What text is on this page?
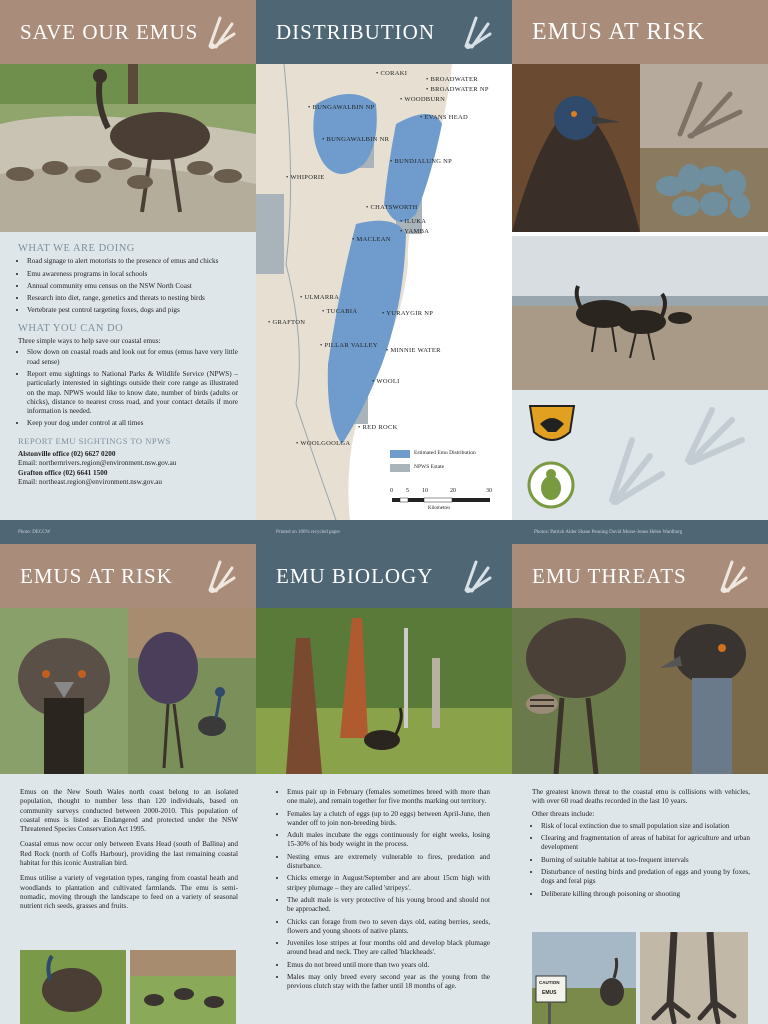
SAVE OUR EMUS	DISTRIBUTION	EMUS AT RISK
WHAT WE ARE DOING
• Road signage to alert motorists to the presence of emus and chicks
• Emu awareness programs in local schools
• Annual community emu census on the NSW North Coast
• Research into diet, range, genetics and threats to nesting birds
• Vertebrate pest control targeting foxes, dogs and pigs
WHAT YOU CAN DO

Three simple ways to help save our coastal emus:

• Slow down on coastal roads and look out for emus (emus have very little road sense)
• Report emu sightings to National Parks & Wildlife Service (NPWS) – particularly interested in sightings outside their core range as illustrated on the map. NPWS would like to know date, number of birds (adults or chicks), distance to nearest cross road, and your contact details if more information is needed.
• Keep your dog under control at all times
REPORT EMU SIGHTINGS TO NPWS
Alstonville office (02) 6627 0200
Email: northernrivers.region@environment.nsw.gov.au
Grafton office (02) 6641 1500
Email: northeast.region@environment.nsw.gov.au
• CORAKI
• BROADWATER
• BROADWATER NP
• WOODBURN
• BUNGAWALBIN NP
• EVANS HEAD
• BUNGAWALBIN NR
• BUNDJALUNG NP
• WHIPORIE
• CHATSWORTH
• ILUKA
• YAMBA
• MACLEAN
• ULMARRA
• TUCABIA
•	YURAYGIR NP
• GRAFTON
• PILLAR VALLEY
• MINNIE WATER
• WOOLI
• RED ROCK
• WOOLGOOLGA
Estimated Emu Distribution
NPWS Estate
0 5 10	20	30
Kilometres
Photo: DECCW	Printed on 100% recycled paper	Photos: Patrick Alder Shane Penning David Morse-Jones Helen Wardburg
EMUS AT RISK	EMU BIOLOGY	EMU THREATS

Emus on the New South Wales north coast belong to an isolated population, thought to number less than 120 individuals, based on community surveys conducted between 2000-2010. This population of coastal emus is listed as Endangered and protected under the NSW Threatened Species Conservation Act 1995.

Coastal emus now occur only between Evans Head (south of Ballina) and Red Rock (north of Coffs Harbour), providing the last remaining coastal habitat for this iconic Australian bird.

Emus utilise a variety of vegetation types, ranging from coastal heath and woodlands to plantation and cultivated farmlands. The emu is semi-nomadic, moving through the landscape to feed on a variety of seasonal nutrient rich seeds, grasses and fruits.

• Emus pair up in February (females sometimes breed with more than one male), and remain together for five months marking out territory.
• Females lay a clutch of eggs (up to 20 eggs) between April-June, then wander off to join non-breeding birds.
• Adult males incubate the eggs continuously for eight weeks, losing 15-30% of his body weight in the process.
• Nesting emus are extremely vulnerable to fires, predation and disturbance.
• Chicks emerge in August/September and are about 15cm high with stripey plumage – they are called 'stripeys'.
• The adult male is very protective of his young brood and should not be approached.
• Chicks can forage from two to seven days old, eating berries, seeds, flowers and young shoots of native plants.
• Juveniles lose stripes at four months old and develop black plumage around head and neck. They are called 'blackheads'.
• Emus do not breed until more than two years old.
• Males may only breed every second year as the young from the previous clutch stay with the father until 18 months of age.

The greatest known threat to the coastal emu is collisions with vehicles, with over 60 road deaths recorded in the last 10 years.

Other threats include:

• Risk of local extinction due to small population size and isolation
• Clearing and fragmentation of areas of habitat for agriculture and urban development
• Burning of suitable habitat at too-frequent intervals
• Disturbance of nesting birds and predation of eggs and young by foxes, dogs and feral pigs
• Deliberate killing through poisoning or shooting
CAUTION
EMUS
